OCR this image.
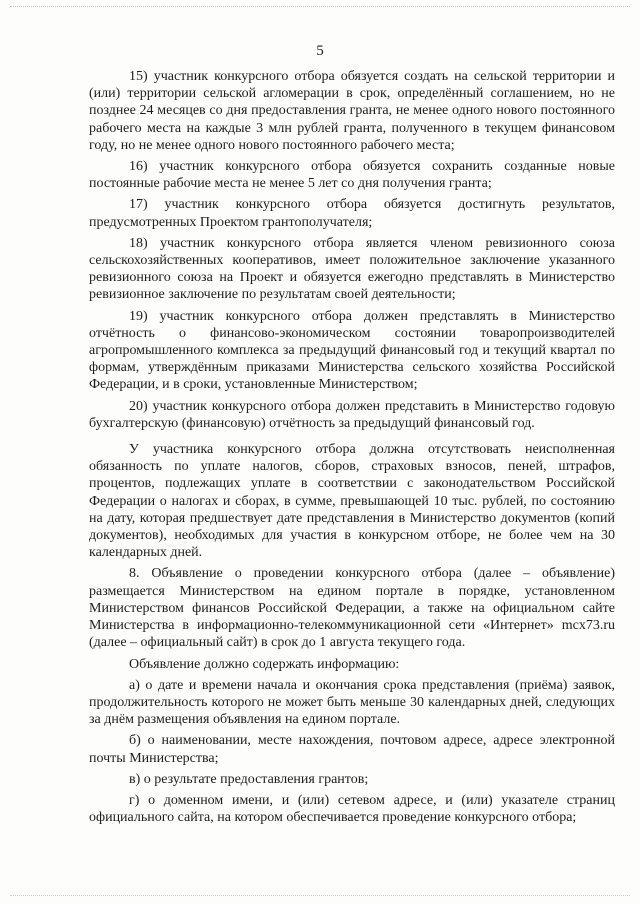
5

15) участник конкурсного отбора обязуется создать на сельской территории и (или) территории сельской агломерации в срок, определённый соглашением, но не позднее 24 месяцев со дня предоставления гранта, не менее одного нового постоянного рабочего места на каждые 3 млн рублей гранта, полученного в текущем финансовом году, но не менее одного нового постоянного рабочего места;

16) участник конкурсного отбора обязуется сохранить созданные новые постоянные рабочие места не менее 5 лет со дня получения гранта;

17) участник конкурсного отбора обязуется достигнуть результатов, предусмотренных Проектом грантополучателя;

18) участник конкурсного отбора является членом ревизионного союза сельскохозяйственных кооперативов, имеет положительное заключение указанного ревизионного союза на Проект и обязуется ежегодно представлять в Министерство ревизионное заключение по результатам своей деятельности;

19) участник конкурсного отбора должен представлять в Министерство отчётность о финансово-экономическом состоянии товаропроизводителей агропромышленного комплекса за предыдущий финансовый год и текущий квартал по формам, утверждённым приказами Министерства сельского хозяйства Российской Федерации, и в сроки, установленные Министерством;

20) участник конкурсного отбора должен представить в Министерство годовую бухгалтерскую (финансовую) отчётность за предыдущий финансовый год.

У участника конкурсного отбора должна отсутствовать неисполненная обязанность по уплате налогов, сборов, страховых взносов, пеней, штрафов, процентов, подлежащих уплате в соответствии с законодательством Российской Федерации о налогах и сборах, в сумме, превышающей 10 тыс. рублей, по состоянию на дату, которая предшествует дате представления в Министерство документов (копий документов), необходимых для участия в конкурсном отборе, не более чем на 30 календарных дней.

8. Объявление о проведении конкурсного отбора (далее – объявление) размещается Министерством на едином портале в порядке, установленном Министерством финансов Российской Федерации, а также на официальном сайте Министерства в информационно-телекоммуникационной сети «Интернет» mcx73.ru (далее – официальный сайт) в срок до 1 августа текущего года.

Объявление должно содержать информацию:

а) о дате и времени начала и окончания срока представления (приёма) заявок, продолжительность которого не может быть меньше 30 календарных дней, следующих за днём размещения объявления на едином портале.

б) о наименовании, месте нахождения, почтовом адресе, адресе электронной почты Министерства;

в) о результате предоставления грантов;

г) о доменном имени, и (или) сетевом адресе, и (или) указателе страниц официального сайта, на котором обеспечивается проведение конкурсного отбора;
